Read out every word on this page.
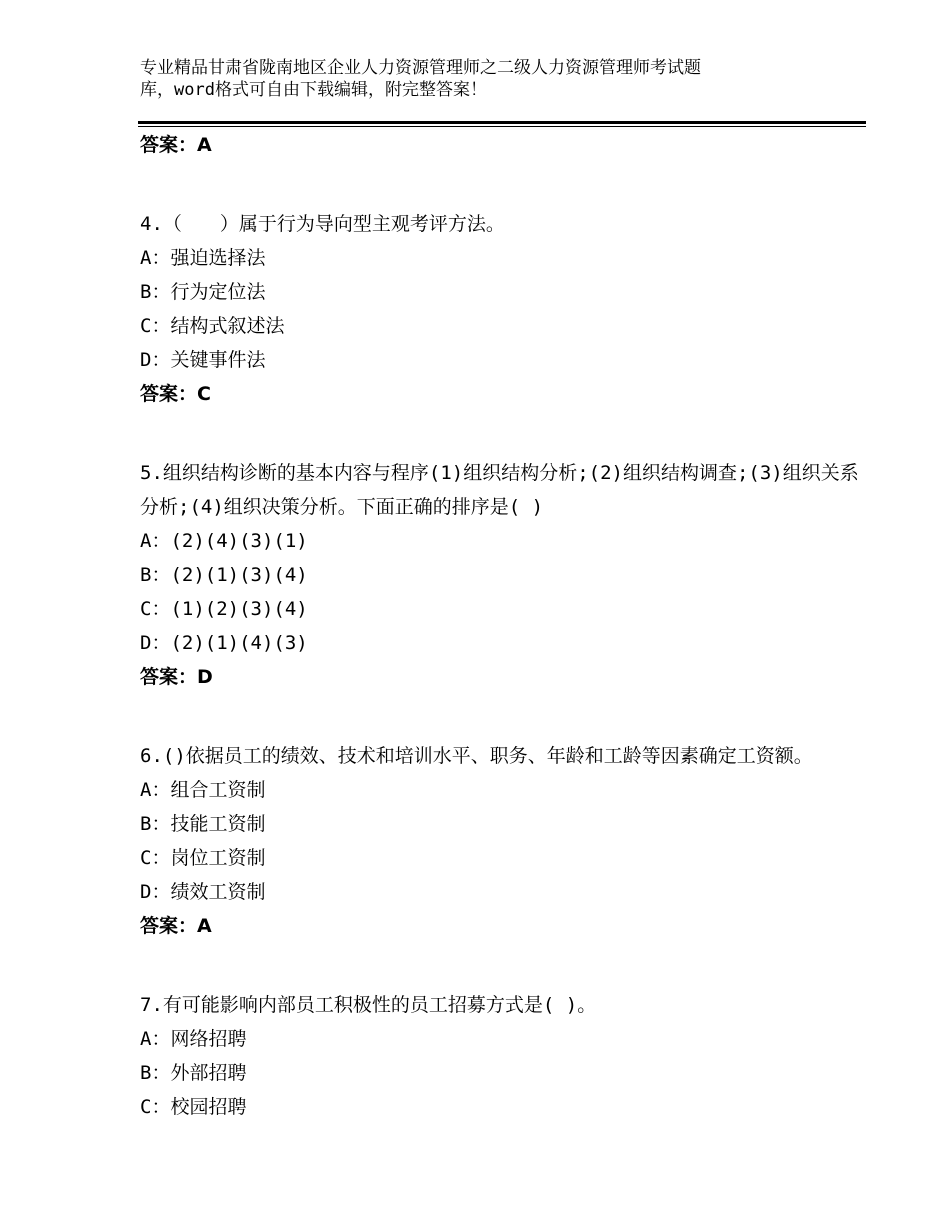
专业精品甘肃省陇南地区企业人力资源管理师之二级人力资源管理师考试题
库，word格式可自由下载编辑，附完整答案！
答案：A
4.（　　）属于行为导向型主观考评方法。
A：强迫选择法
B：行为定位法
C：结构式叙述法
D：关键事件法
答案：C
5.组织结构诊断的基本内容与程序(1)组织结构分析;(2)组织结构调查;(3)组织关系分析;(4)组织决策分析。下面正确的排序是( )
A：(2)(4)(3)(1)
B：(2)(1)(3)(4)
C：(1)(2)(3)(4)
D：(2)(1)(4)(3)
答案：D
6.()依据员工的绩效、技术和培训水平、职务、年龄和工龄等因素确定工资额。
A：组合工资制
B：技能工资制
C：岗位工资制
D：绩效工资制
答案：A
7.有可能影响内部员工积极性的员工招募方式是( )。
A：网络招聘
B：外部招聘
C：校园招聘
